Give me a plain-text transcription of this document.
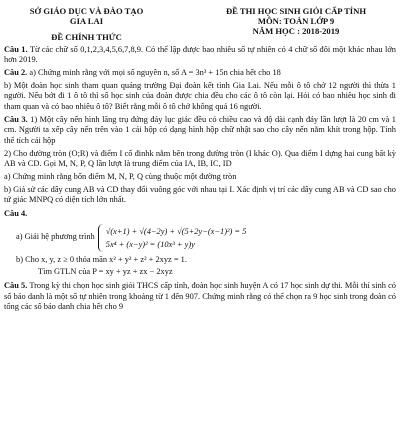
SỞ GIÁO DỤC VÀ ĐÀO TẠO
GIA LAI
ĐỀ CHÍNH THỨC
ĐỀ THI HỌC SINH GIỎI CẤP TỈNH
MÔN: TOÁN LỚP 9
NĂM HỌC : 2018-2019

Câu 1. Từ các chữ số 0,1,2,3,4,5,6,7,8,9. Có thể lập được bao nhiêu số tự nhiên có 4 chữ số đôi một khác nhau lớn hơn 2019.

Câu 2. a) Chứng minh rằng với mọi số nguyên n, số A = 3n³ + 15n chia hết cho 18

b) Một đoàn học sinh tham quan quảng trường Đại đoàn kết tỉnh Gia Lai. Nếu mỗi ô tô chở 12 người thì thừa 1 người. Nếu bớt đi 1 ô tô thì số học sinh của đoàn được chia đều cho các ô tô còn lại. Hỏi có bao nhiêu học sinh đi tham quan và có bao nhiêu ô tô? Biết rằng mỗi ô tô chở không quá 16 người.

Câu 3. 1) Một cây nến hình lăng trụ đứng đáy lục giác đều có chiều cao và độ dài cạnh đáy lần lượt là 20 cm và 1 cm. Người ta xếp cây nến trên vào 1 cái hộp có dạng hình hộp chữ nhật sao cho cây nến nằm khít trong hộp. Tính thể tích cái hộp

2) Cho đường tròn (O;R) và điểm I cố đinhk nằm bên trong đường tròn (I khác O). Qua điểm I dựng hai cung bất kỳ AB và CD. Gọi M, N, P, Q lần lượt là trung điểm của IA, IB, IC, ID

a) Chứng minh rằng bốn điểm M, N, P, Q cùng thuộc một đường tròn

b) Giả sử các dây cung AB và CD thay đổi vuông góc với nhau tại I. Xác định vị trí các dây cung AB và CD sao cho tứ giác MNPQ có diện tích lớn nhất.

Câu 4.

a) Giải hệ phương trình
√(x+1) + √(4−2y) + √(5+2y−(x−1)²) = 5
5x⁴ + (x−y)² = (10x³ + y)y

b) Cho x, y, z ≥ 0 thỏa mãn x² + y² + z² + 2xyz = 1.

Tìm GTLN của P = xy + yz + zx − 2xyz

Câu 5. Trong kỳ thi chọn học sinh giỏi THCS cấp tỉnh, đoàn học sinh huyện A có 17 học sinh dự thi. Mỗi thí sinh có số báo danh là một số tự nhiên trong khoảng từ 1 đến 907. Chứng minh rằng có thể chọn ra 9 học sinh trong đoàn có tổng các số báo danh chia hết cho 9
